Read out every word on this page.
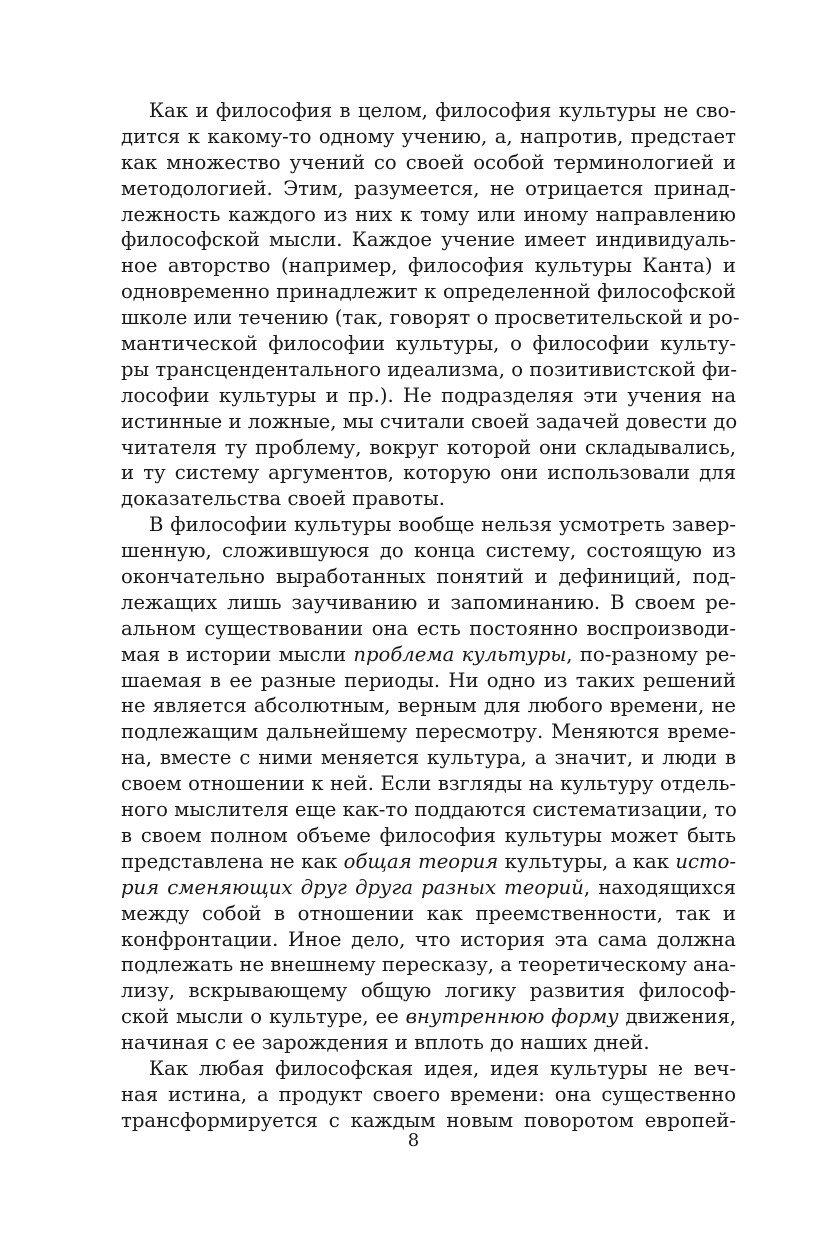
Как и философия в целом, философия культуры не сво-
дится к какому-то одному учению, а, напротив, предстает
как множество учений со своей особой терминологией и
методологией. Этим, разумеется, не отрицается принад-
лежность каждого из них к тому или иному направлению
философской мысли. Каждое учение имеет индивидуаль-
ное авторство (например, философия культуры Канта) и
одновременно принадлежит к определенной философской
школе или течению (так, говорят о просветительской и ро-
мантической философии культуры, о философии культу-
ры трансцендентального идеализма, о позитивистской фи-
лософии культуры и пр.). Не подразделяя эти учения на
истинные и ложные, мы считали своей задачей довести до
читателя ту проблему, вокруг которой они складывались,
и ту систему аргументов, которую они использовали для
доказательства своей правоты.
В философии культуры вообще нельзя усмотреть завер-
шенную, сложившуюся до конца систему, состоящую из
окончательно выработанных понятий и дефиниций, под-
лежащих лишь заучиванию и запоминанию. В своем ре-
альном существовании она есть постоянно воспроизводи-
мая в истории мысли проблема культуры, по-разному ре-
шаемая в ее разные периоды. Ни одно из таких решений
не является абсолютным, верным для любого времени, не
подлежащим дальнейшему пересмотру. Меняются време-
на, вместе с ними меняется культура, а значит, и люди в
своем отношении к ней. Если взгляды на культуру отдель-
ного мыслителя еще как-то поддаются систематизации, то
в своем полном объеме философия культуры может быть
представлена не как общая теория культуры, а как исто-
рия сменяющих друг друга разных теорий, находящихся
между собой в отношении как преемственности, так и
конфронтации. Иное дело, что история эта сама должна
подлежать не внешнему пересказу, а теоретическому ана-
лизу, вскрывающему общую логику развития философ-
ской мысли о культуре, ее внутреннюю форму движения,
начиная с ее зарождения и вплоть до наших дней.
Как любая философская идея, идея культуры не веч-
ная истина, а продукт своего времени: она существенно
трансформируется с каждым новым поворотом европей-
8
